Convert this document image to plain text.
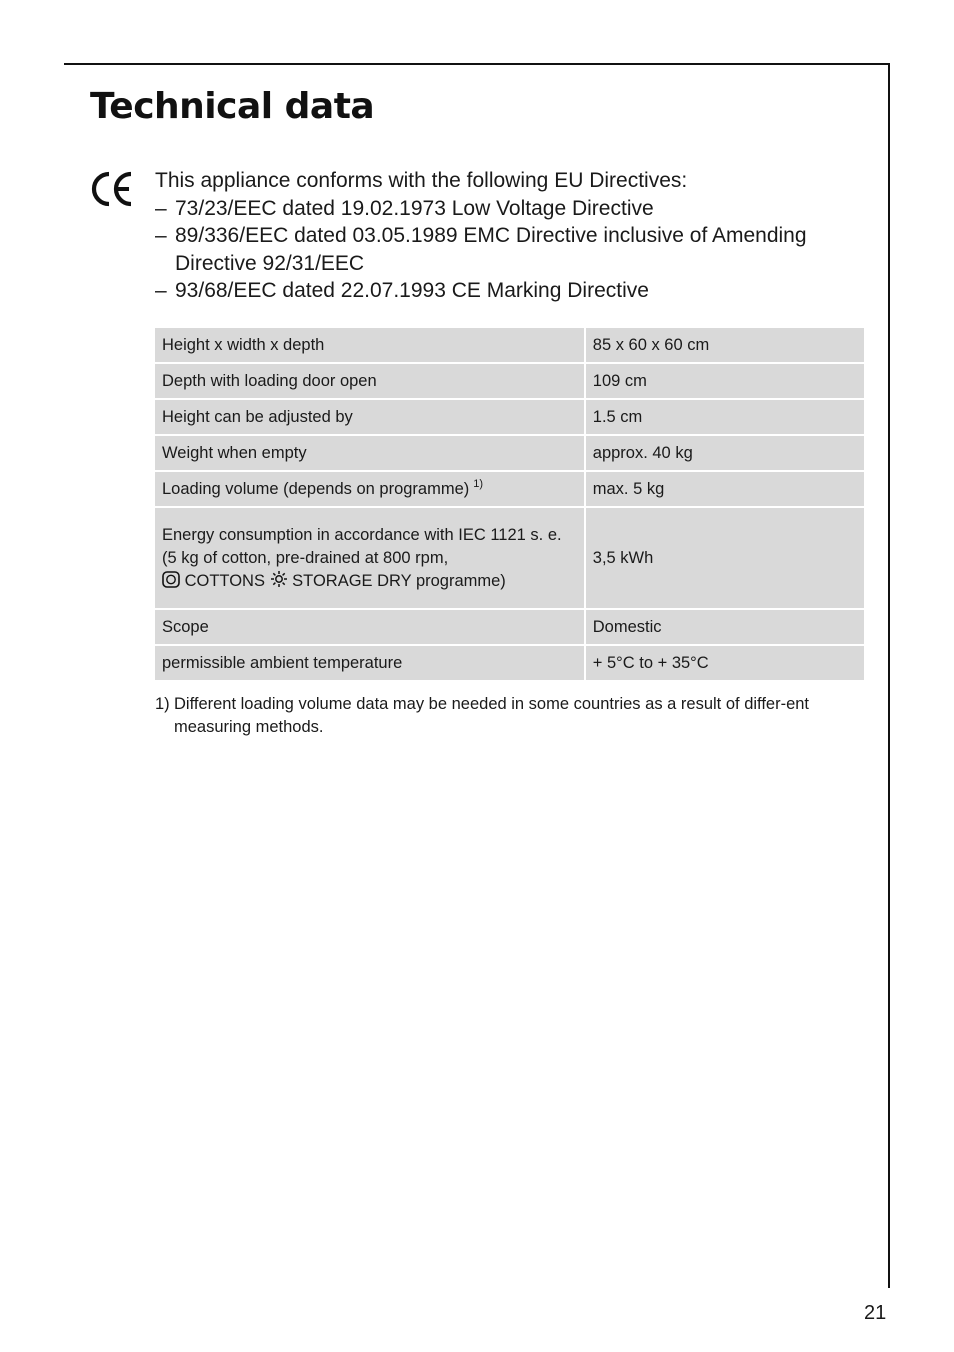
Technical data

This appliance conforms with the following EU Directives:

– 73/23/EEC dated 19.02.1973 Low Voltage Directive

– 89/336/EEC dated 03.05.1989 EMC Directive inclusive of Amending Directive 92/31/EEC

– 93/68/EEC dated 22.07.1993 CE Marking Directive

Height x width x depth	85 x 60 x 60 cm
Depth with loading door open	109 cm
Height can be adjusted by	1.5 cm
Weight when empty	approx. 40 kg
Loading volume (depends on programme) $^{1)}$	max. 5 kg

Energy consumption in accordance with IEC 1121 s. e.
(5 kg of cotton, pre-drained at 800 rpm,
COTTONS STORAGE DRY programme)	3,5 kWh
Scope	Domestic
permissible ambient temperature	+ 5°C to + 35°C
1) Different loading volume data may be needed in some countries as a result of differ-ent measuring methods.
21
